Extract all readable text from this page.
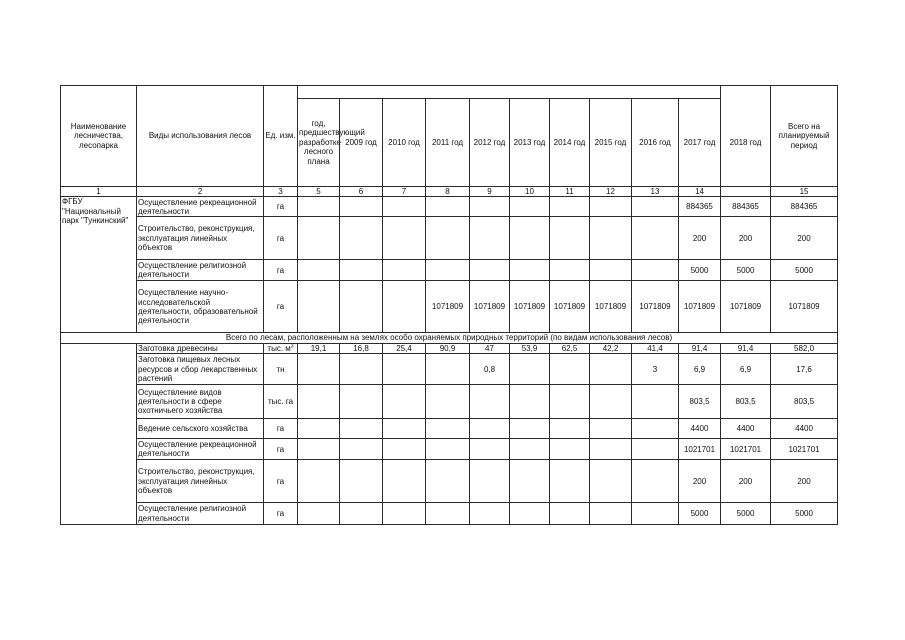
Наименование лесничества, лесопарка	Виды использования лесов	Ед. изм.												Всего на планируемый период
			год, предшествующий разработке лесного плана	2009 год	2010 год	2011 год	2012 год	2013 год	2014 год	2015 год	2016 год	2017 год	2018 год	
1	2	3	5	6	7	8	9	10	11	12	13	14		15
ФГБУ "Национальный парк "Тункинский"	Осуществление рекреационной деятельности	га										884365	884365	884365
	Строительство, реконструкция, эксплуатация линейных объектов	га										200	200	200
	Осуществление религиозной деятельности	га										5000	5000	5000
	Осуществление научно-исследовательской деятельности, образовательной деятельности	га				1071809	1071809	1071809	1071809	1071809	1071809	1071809	1071809	1071809
Всего по лесам, расположенным на землях особо охраняемых природных территорий (по видам использования лесов)														
	Заготовка древесины	тыс. $м^3$	19,1	16,8	25,4	90,9	47	53,9	62,5	42,2	41,4	91,4	91,4	582,0
	Заготовка пищевых лесных ресурсов и сбор лекарственных растений	тн					0,8				3	6,9	6,9	17,6
	Осуществление видов деятельности в сфере охотничьего хозяйства	тыс. га										803,5	803,5	803,5
	Ведение сельского хозяйства	га										4400	4400	4400
	Осуществление рекреационной деятельности	га										1021701	1021701	1021701
	Строительство, реконструкция, эксплуатация линейных объектов	га										200	200	200
	Осуществление религиозной деятельности	га										5000	5000	5000
